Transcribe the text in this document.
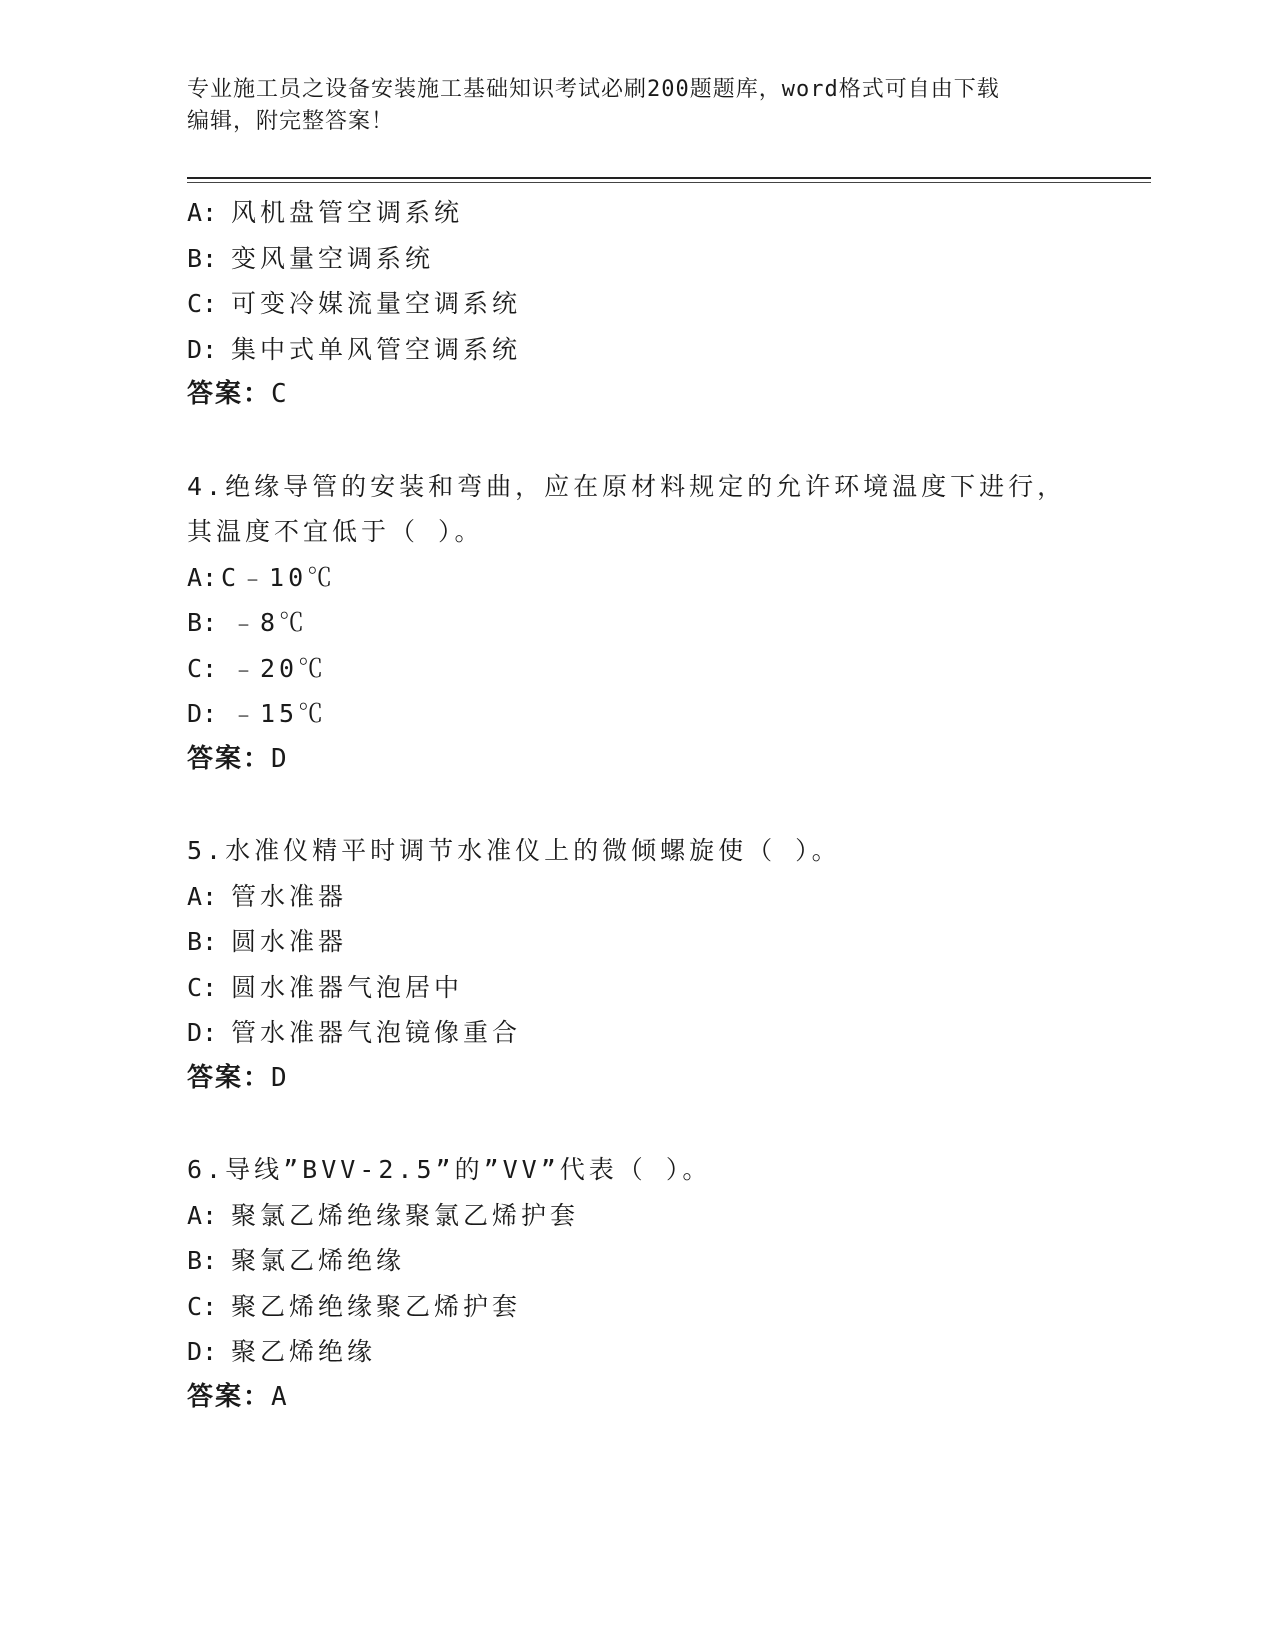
专业施工员之设备安装施工基础知识考试必刷200题题库，word格式可自由下载
编辑，附完整答案！
A: 风机盘管空调系统
B: 变风量空调系统
C: 可变冷媒流量空调系统
D: 集中式单风管空调系统
答案：C
4.绝缘导管的安装和弯曲，应在原材料规定的允许环境温度下进行，
其温度不宜低于（ ）。
A: C﹣10℃
B: ﹣8℃
C: ﹣20℃
D: ﹣15℃
答案：D
5.水准仪精平时调节水准仪上的微倾螺旋使（ ）。
A: 管水准器
B: 圆水准器
C: 圆水准器气泡居中
D: 管水准器气泡镜像重合
答案：D
6.导线”BVV-2.5”的”VV”代表（ ）。
A: 聚氯乙烯绝缘聚氯乙烯护套
B: 聚氯乙烯绝缘
C: 聚乙烯绝缘聚乙烯护套
D: 聚乙烯绝缘
答案：A
